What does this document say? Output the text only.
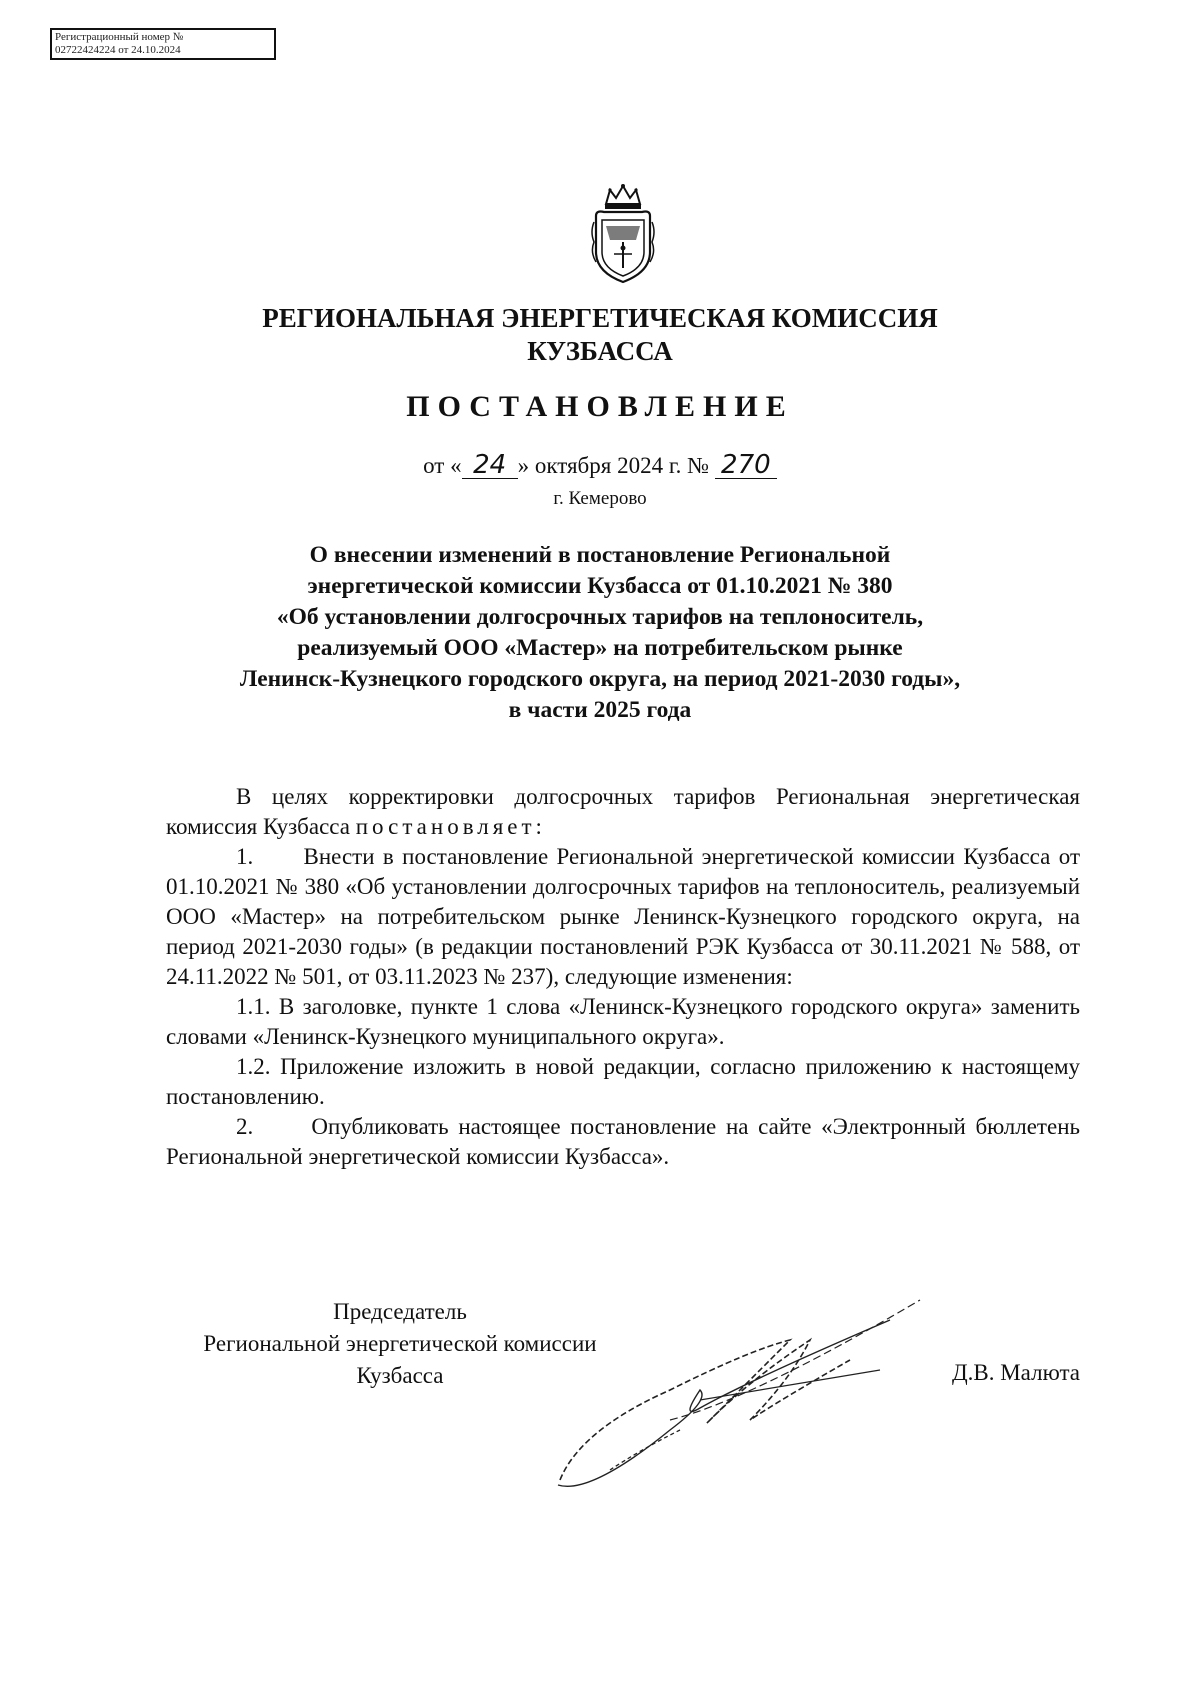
Регистрационный номер №
02722424224 от 24.10.2024
РЕГИОНАЛЬНАЯ ЭНЕРГЕТИЧЕСКАЯ КОМИССИЯ
КУЗБАССА
ПОСТАНОВЛЕНИЕ
от « 24 » октября 2024 г. № 270
г. Кемерово
О внесении изменений в постановление Региональной
энергетической комиссии Кузбасса от 01.10.2021 № 380
«Об установлении долгосрочных тарифов на теплоноситель,
реализуемый ООО «Мастер» на потребительском рынке
Ленинск-Кузнецкого городского округа, на период 2021-2030 годы»,
в части 2025 года

В целях корректировки долгосрочных тарифов Региональная энергетическая комиссия Кузбасса постановляет:

1.      Внести в постановление Региональной энергетической комиссии Кузбасса от 01.10.2021 № 380 «Об установлении долгосрочных тарифов на теплоноситель, реализуемый ООО «Мастер» на потребительском рынке Ленинск-Кузнецкого городского округа, на период 2021-2030 годы» (в редакции постановлений РЭК Кузбасса от 30.11.2021 № 588, от 24.11.2022 № 501, от 03.11.2023 № 237), следующие изменения:

1.1. В заголовке, пункте 1 слова «Ленинск-Кузнецкого городского округа» заменить словами «Ленинск-Кузнецкого муниципального округа».

1.2. Приложение изложить в новой редакции, согласно приложению к настоящему постановлению.

2.      Опубликовать настоящее постановление на сайте «Электронный бюллетень Региональной энергетической комиссии Кузбасса».

Председатель
Региональной энергетической комиссии
Кузбасса	Д.В. Малюта
